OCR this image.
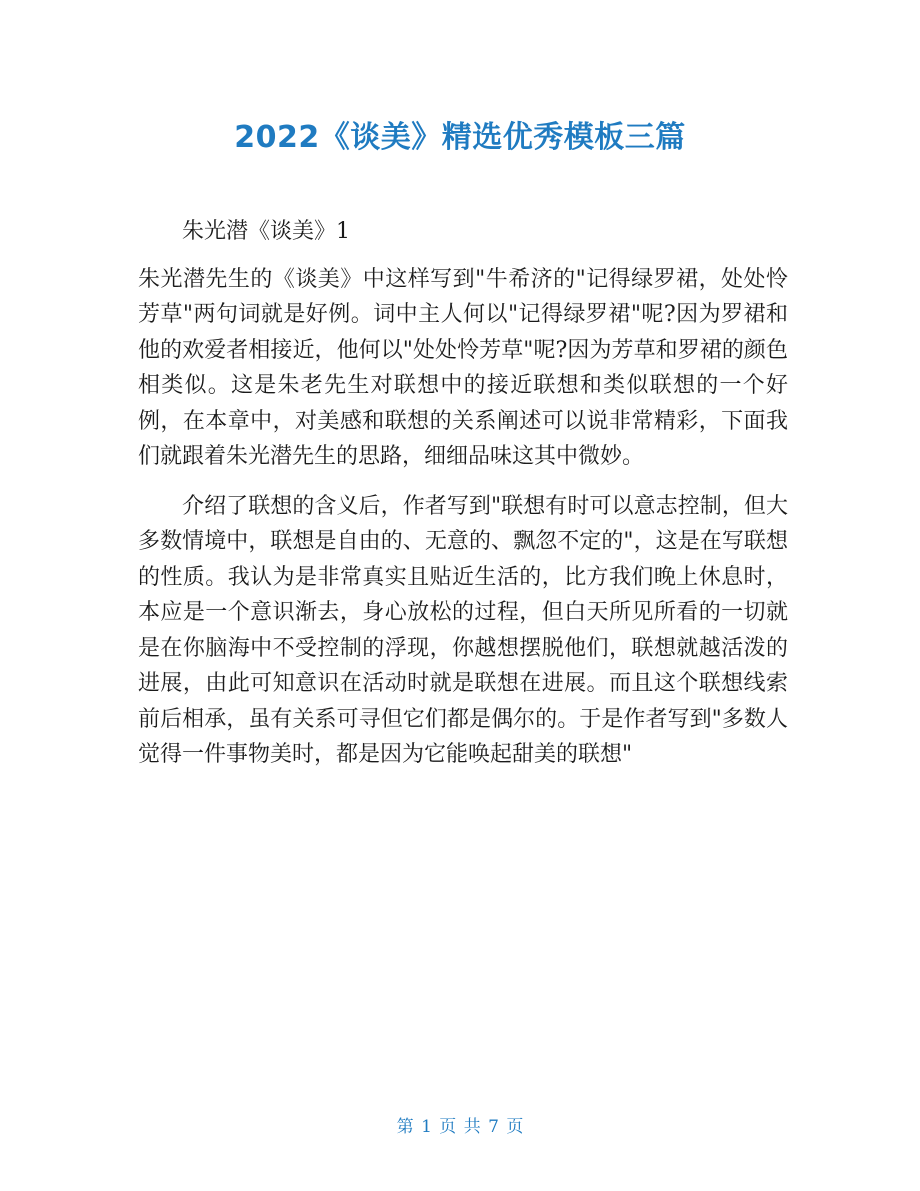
2022《谈美》精选优秀模板三篇

朱光潜《谈美》1

朱光潜先生的《谈美》中这样写到"牛希济的"记得绿罗裙，处处怜芳草"两句词就是好例。词中主人何以"记得绿罗裙"呢?因为罗裙和他的欢爱者相接近，他何以"处处怜芳草"呢?因为芳草和罗裙的颜色相类似。这是朱老先生对联想中的接近联想和类似联想的一个好例，在本章中，对美感和联想的关系阐述可以说非常精彩，下面我们就跟着朱光潜先生的思路，细细品味这其中微妙。

介绍了联想的含义后，作者写到"联想有时可以意志控制，但大多数情境中，联想是自由的、无意的、飘忽不定的"，这是在写联想的性质。我认为是非常真实且贴近生活的，比方我们晚上休息时，本应是一个意识渐去，身心放松的过程，但白天所见所看的一切就是在你脑海中不受控制的浮现，你越想摆脱他们，联想就越活泼的进展，由此可知意识在活动时就是联想在进展。而且这个联想线索前后相承，虽有关系可寻但它们都是偶尔的。于是作者写到"多数人觉得一件事物美时，都是因为它能唤起甜美的联想"

第 1 页 共 7 页
